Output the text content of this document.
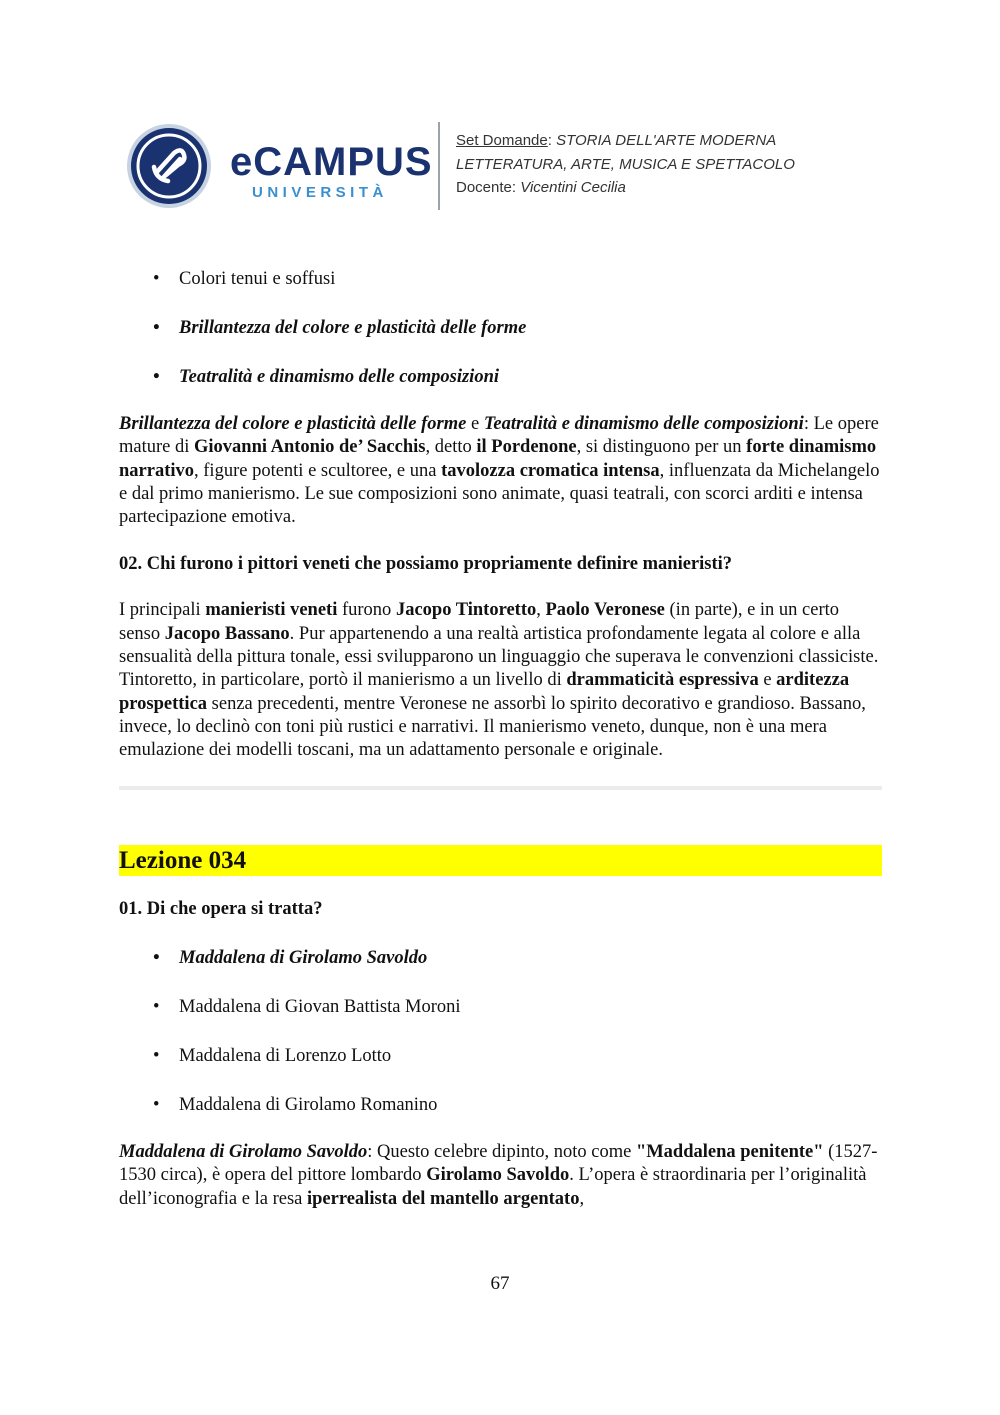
eCAMPUS
UNIVERSITÀ
Set Domande: STORIA DELL'ARTE MODERNA
LETTERATURA, ARTE, MUSICA E SPETTACOLO
Docente: Vicentini Cecilia
• Colori tenui e soffusi
• Brillantezza del colore e plasticità delle forme
• Teatralità e dinamismo delle composizioni

Brillantezza del colore e plasticità delle forme e Teatralità e dinamismo delle composizioni: Le opere mature di Giovanni Antonio de’ Sacchis, detto il Pordenone, si distinguono per un forte dinamismo narrativo, figure potenti e scultoree, e una tavolozza cromatica intensa, influenzata da Michelangelo e dal primo manierismo. Le sue composizioni sono animate, quasi teatrali, con scorci arditi e intensa partecipazione emotiva.

02. Chi furono i pittori veneti che possiamo propriamente definire manieristi?

I principali manieristi veneti furono Jacopo Tintoretto, Paolo Veronese (in parte), e in un certo senso Jacopo Bassano. Pur appartenendo a una realtà artistica profondamente legata al colore e alla sensualità della pittura tonale, essi svilupparono un linguaggio che superava le convenzioni classiciste. Tintoretto, in particolare, portò il manierismo a un livello di drammaticità espressiva e arditezza prospettica senza precedenti, mentre Veronese ne assorbì lo spirito decorativo e grandioso. Bassano, invece, lo declinò con toni più rustici e narrativi. Il manierismo veneto, dunque, non è una mera emulazione dei modelli toscani, ma un adattamento personale e originale.

Lezione 034

01. Di che opera si tratta?

• Maddalena di Girolamo Savoldo
• Maddalena di Giovan Battista Moroni
• Maddalena di Lorenzo Lotto
• Maddalena di Girolamo Romanino

Maddalena di Girolamo Savoldo: Questo celebre dipinto, noto come "Maddalena penitente" (1527-1530 circa), è opera del pittore lombardo Girolamo Savoldo. L’opera è straordinaria per l’originalità dell’iconografia e la resa iperrealista del mantello argentato,

67
